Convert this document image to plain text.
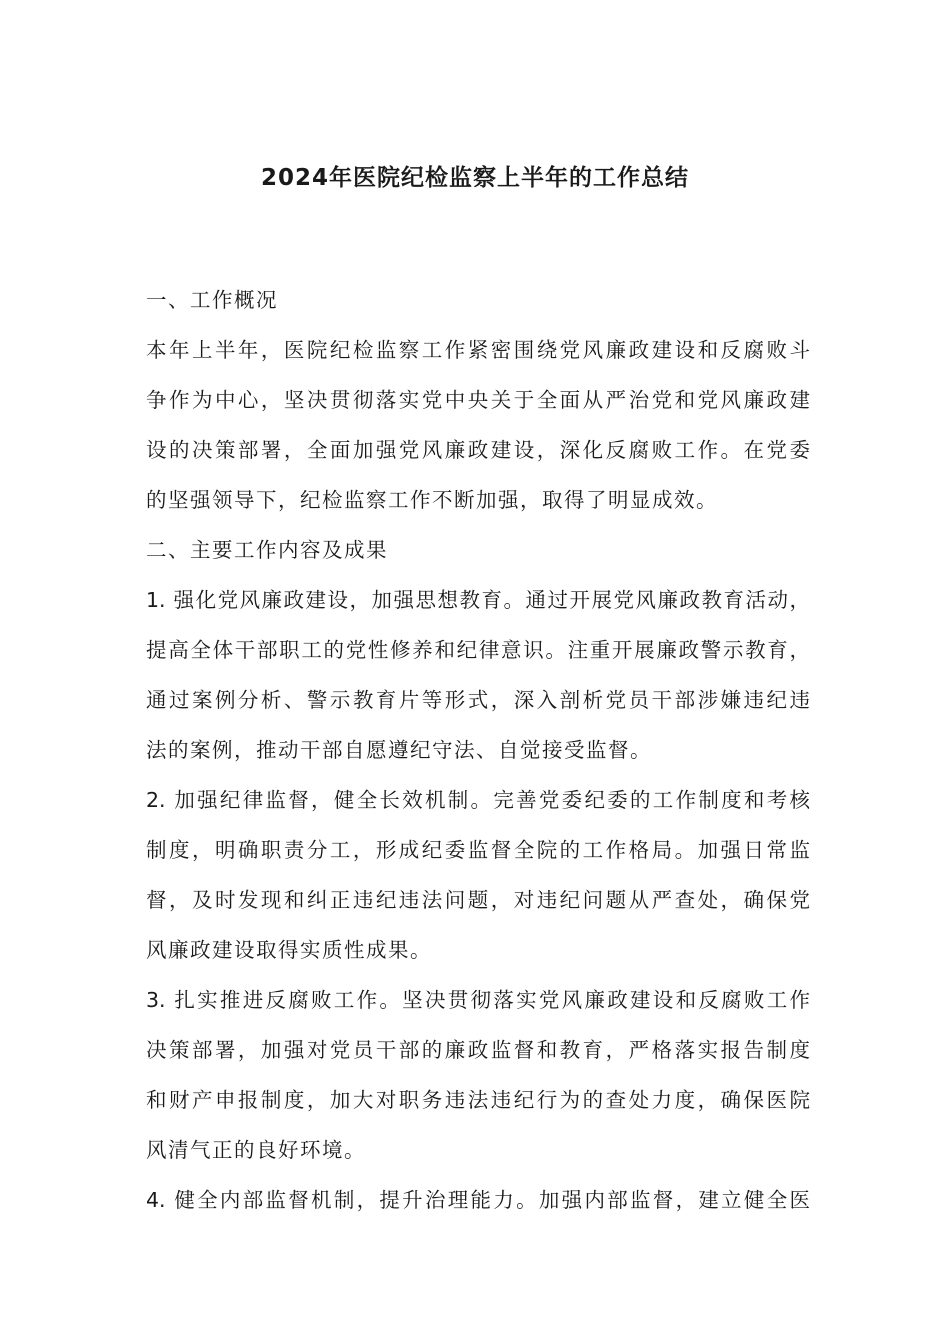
2024年医院纪检监察上半年的工作总结
一、工作概况
本年上半年，医院纪检监察工作紧密围绕党风廉政建设和反腐败斗
争作为中心，坚决贯彻落实党中央关于全面从严治党和党风廉政建
设的决策部署，全面加强党风廉政建设，深化反腐败工作。在党委
的坚强领导下，纪检监察工作不断加强，取得了明显成效。
二、主要工作内容及成果
1. 强化党风廉政建设，加强思想教育。通过开展党风廉政教育活动，
提高全体干部职工的党性修养和纪律意识。注重开展廉政警示教育，
通过案例分析、警示教育片等形式，深入剖析党员干部涉嫌违纪违
法的案例，推动干部自愿遵纪守法、自觉接受监督。
2. 加强纪律监督，健全长效机制。完善党委纪委的工作制度和考核
制度，明确职责分工，形成纪委监督全院的工作格局。加强日常监
督，及时发现和纠正违纪违法问题，对违纪问题从严查处，确保党
风廉政建设取得实质性成果。
3. 扎实推进反腐败工作。坚决贯彻落实党风廉政建设和反腐败工作
决策部署，加强对党员干部的廉政监督和教育，严格落实报告制度
和财产申报制度，加大对职务违法违纪行为的查处力度，确保医院
风清气正的良好环境。
4. 健全内部监督机制，提升治理能力。加强内部监督，建立健全医
